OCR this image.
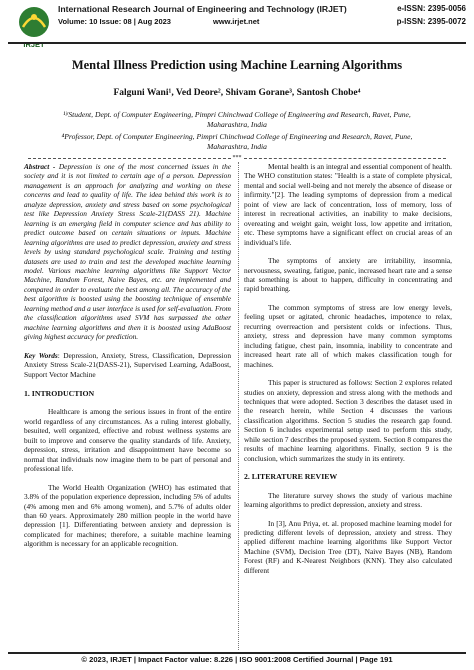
IRJET
International Research Journal of Engineering and Technology (IRJET)	e-ISSN: 2395-0056
Volume: 10 Issue: 08 | Aug 2023	www.irjet.net	p-ISSN: 2395-0072
Mental Illness Prediction using Machine Learning Algorithms
Falguni Wani¹, Ved Deore², Shivam Gorane³, Santosh Chobe⁴
¹ʲʳStudent, Dept. of Computer Engineering, Pimpri Chinchwad College of Engineering and Research, Ravet, Pune, Maharashtra, India
⁴Professor, Dept. of Computer Engineering, Pimpri Chinchwad College of Engineering and Research, Ravet, Pune, Maharashtra, India
***

Abstract - Depression is one of the most concerned issues in the society and it is not limited to certain age of a person. Depression management is an approach for analyzing and working on these concerns and lead to quality of life. The idea behind this work is to analyze depression, anxiety and stress based on some psychological test like Depression Anxiety Stress Scale-21(DASS 21). Machine learning is an emerging field in computer science and has ability to predict outcome based on certain situations or inputs. Machine learning algorithms are used to predict depression, anxiety and stress levels by using standard psychological scale. Training and testing datasets are used to train and test the developed machine learning model. Various machine learning algorithms like Support Vector Machine, Random Forest, Naive Bayes, etc. are implemented and compared in order to evaluate the best among all. The accuracy of the best algorithm is boosted using the boosting technique of ensemble learning method and a user interface is used for self-evaluation. From the classification algorithms used SVM has surpassed the other machine learning algorithms and then it is boosted using AdaBoost giving highest accuracy for prediction.

Key Words: Depression, Anxiety, Stress, Classification, Depression Anxiety Stress Scale-21(DASS-21), Supervised Learning, AdaBoost, Support Vector Machine

1. INTRODUCTION

Healthcare is among the serious issues in front of the entire world regardless of any circumstances. As a ruling interest globally, besuited, well organized, effective and robust wellness systems are built to improve and conserve the quality standards of life. Anxiety, depression, stress, irritation and disappointment have become so normal that individuals now imagine them to be part of personal and professional life.

The World Health Organization (WHO) has estimated that 3.8% of the population experience depression, including 5% of adults (4% among men and 6% among women), and 5.7% of adults older than 60 years. Approximately 280 million people in the world have depression [1]. Differentiating between anxiety and depression is complicated for machines; therefore, a suitable machine learning algorithm is necessary for an applicable recognition.

Mental health is an integral and essential component of health. The WHO constitution states: "Health is a state of complete physical, mental and social well-being and not merely the absence of disease or infirmity."[2]. The leading symptoms of depression from a medical point of view are lack of concentration, loss of memory, loss of interest in recreational activities, an inability to make decisions, overeating and weight gain, weight loss, low appetite and irritation, etc. These symptoms have a significant effect on crucial areas of an individual's life.

The symptoms of anxiety are irritability, insomnia, nervousness, sweating, fatigue, panic, increased heart rate and a sense that something is about to happen, difficulty in concentrating and rapid breathing.

The common symptoms of stress are low energy levels, feeling upset or agitated, chronic headaches, impotence to relax, recurring overreaction and persistent colds or infections. Thus, anxiety, stress and depression have many common symptoms including fatigue, chest pain, insomnia, inability to concentrate and increased heart rate all of which makes classification tough for machines.

This paper is structured as follows: Section 2 explores related studies on anxiety, depression and stress along with the methods and techniques that were adopted. Section 3 describes the dataset used in the research herein, while Section 4 discusses the various classification algorithms. Section 5 studies the research gap found. Section 6 includes experimental setup used to perform this study, while section 7 describes the proposed system. Section 8 compares the results of machine learning algorithms. Finally, section 9 is the conclusion, which summarizes the study in its entirety.

2. LITERATURE REVIEW

The literature survey shows the study of various machine learning algorithms to predict depression, anxiety and stress.

In [3], Anu Priya, et. al. proposed machine learning model for predicting different levels of depression, anxiety and stress. They applied different machine learning algorithms like Support Vector Machine (SVM), Decision Tree (DT), Naive Bayes (NB), Random Forest (RF) and K-Nearest Neighbors (KNN). They also calculated different

© 2023, IRJET | Impact Factor value: 8.226 | ISO 9001:2008 Certified Journal | Page 191
